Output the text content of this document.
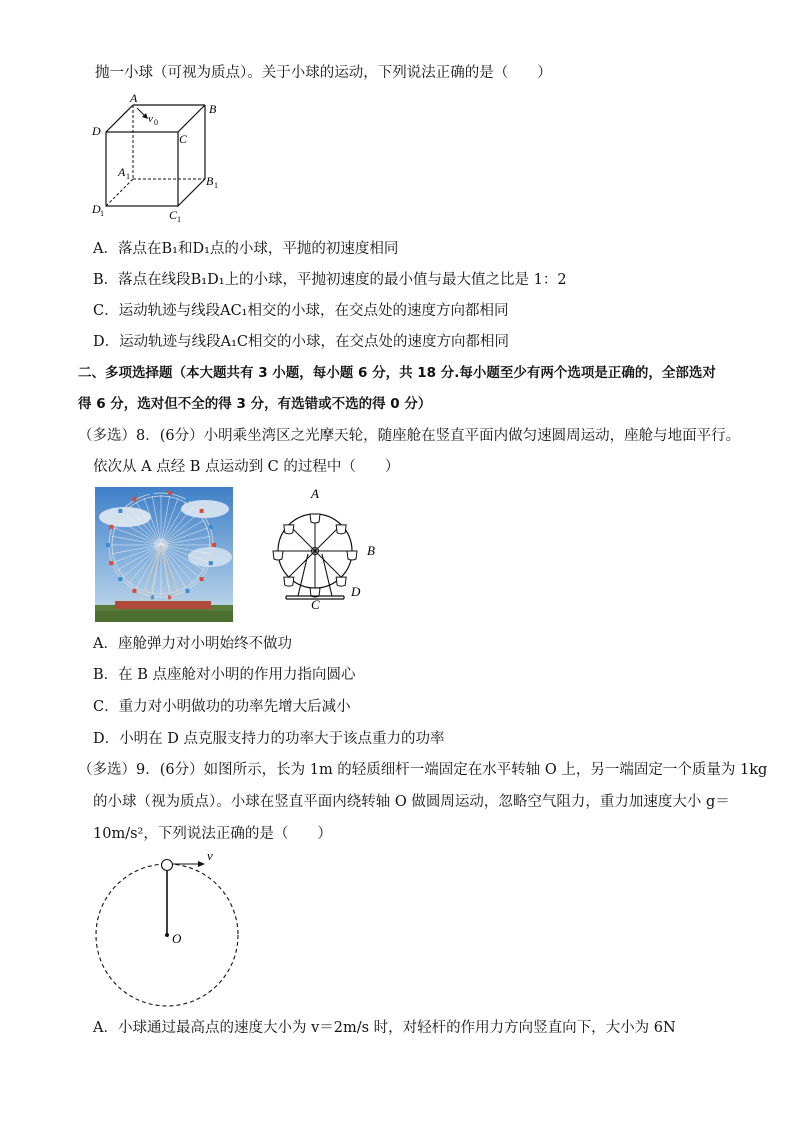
抛一小球（可视为质点）。关于小球的运动，下列说法正确的是（　　）
A
B
C
D
v 0
A 1	B 1
D 1	C 1
A．落点在B₁和D₁点的小球，平抛的初速度相同
B．落点在线段B₁D₁上的小球，平抛初速度的最小值与最大值之比是 1：2
C．运动轨迹与线段AC₁相交的小球，在交点处的速度方向都相同
D．运动轨迹与线段A₁C相交的小球，在交点处的速度方向都相同
二、多项选择题（本大题共有 3 小题，每小题 6 分，共 18 分.每小题至少有两个选项是正确的，全部选对
得 6 分，选对但不全的得 3 分，有选错或不选的得 0 分）
（多选）8．(6分）小明乘坐湾区之光摩天轮，随座舱在竖直平面内做匀速圆周运动，座舱与地面平行。
依次从 A 点经 B 点运动到 C 的过程中（　　）
A
B
C
D
A．座舱弹力对小明始终不做功
B．在 B 点座舱对小明的作用力指向圆心
C．重力对小明做功的功率先增大后减小
D．小明在 D 点克服支持力的功率大于该点重力的功率
（多选）9．(6分）如图所示，长为 1m 的轻质细杆一端固定在水平转轴 O 上，另一端固定一个质量为 1kg
的小球（视为质点）。小球在竖直平面内绕转轴 O 做圆周运动，忽略空气阻力，重力加速度大小 g＝
10m/s²，下列说法正确的是（　　）
v
O
A．小球通过最高点的速度大小为 v＝2m/s 时，对轻杆的作用力方向竖直向下，大小为 6N
